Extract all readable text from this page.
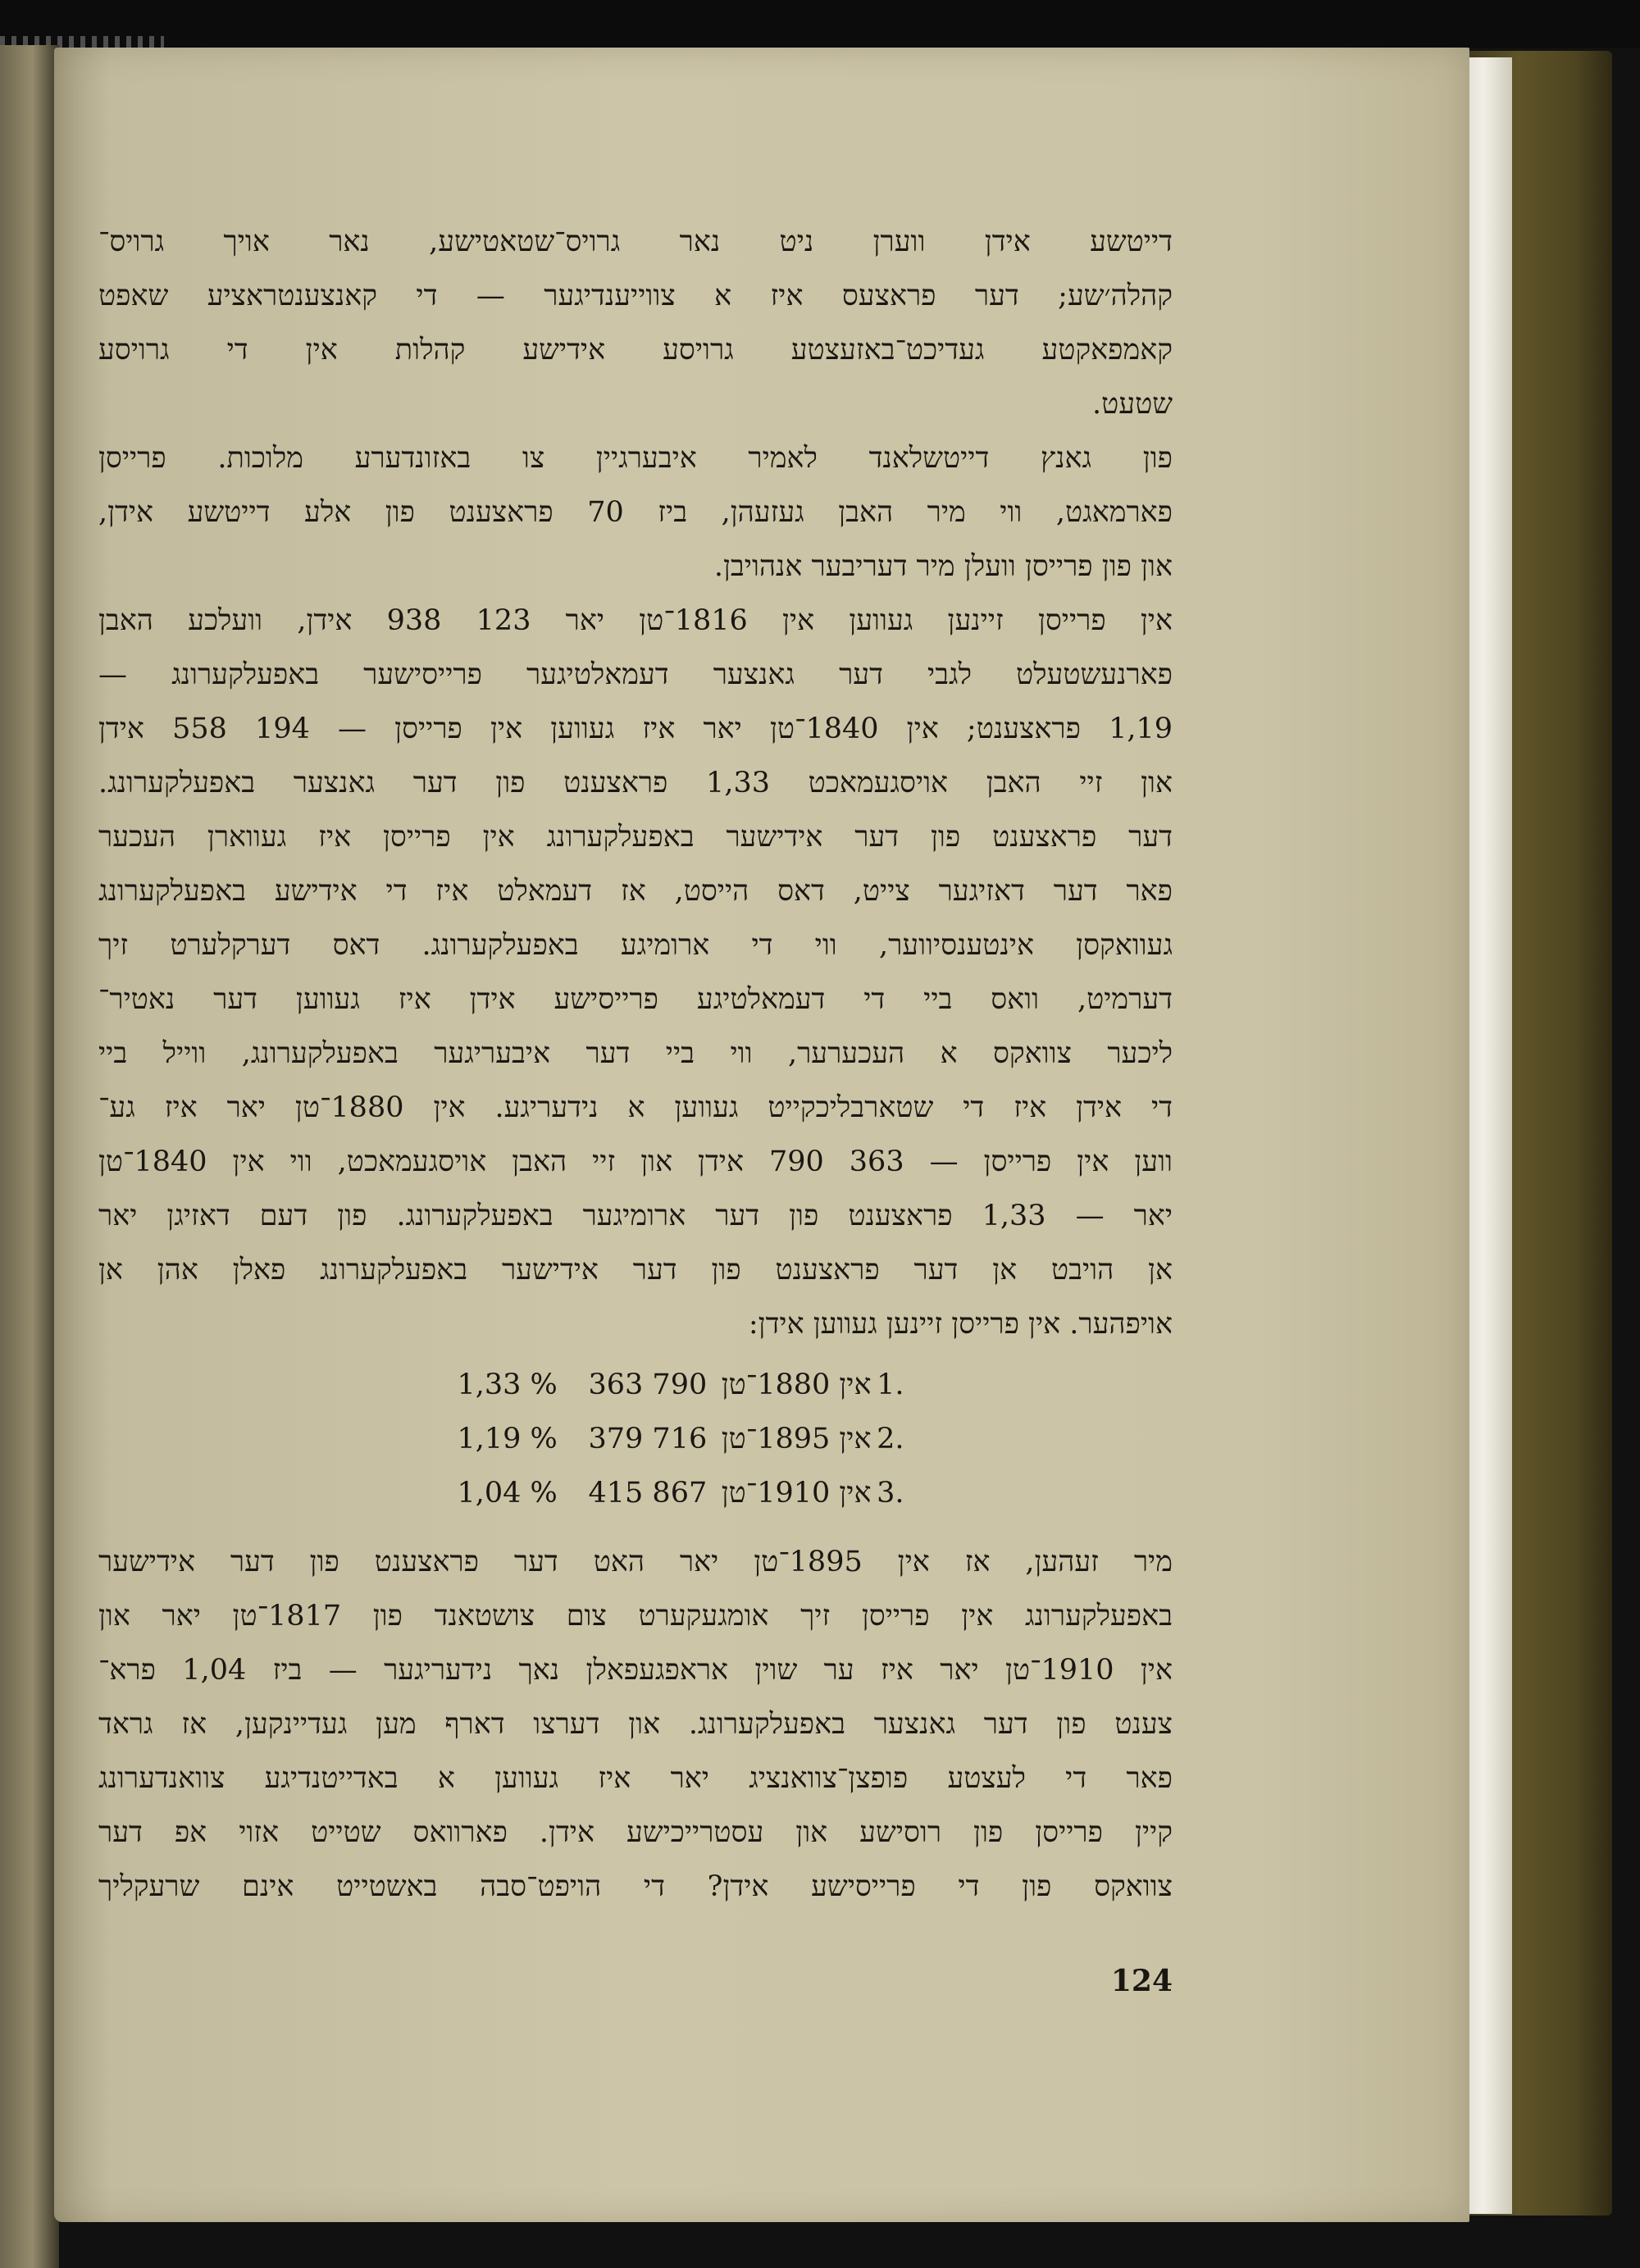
דייטשע אידן ווערן ניט נאר גרויס־שטאטישע, נאר אויך גרויס־
קהלה׳שע; דער פראצעס איז א צווייענדיגער — די קאנצענטראציע שאפט
קאמפאקטע געדיכט־באזעצטע גרויסע אידישע קהלות אין די גרויסע
שטעט.
פון גאנץ דייטשלאנד לאמיר איבערגיין צו באזונדערע מלוכות. פרייסן
פארמאגט, ווי מיר האבן געזעהן, ביז 70 פראצענט פון אלע דייטשע אידן,
און פון פרייסן וועלן מיר דעריבער אנהויבן.
אין פרייסן זיינען געווען אין 1816־טן יאר 123 938 אידן, וועלכע האבן
פארנעשטעלט לגבי דער גאנצער דעמאלטיגער פרייסישער באפעלקערונג —
1,19 פראצענט; אין 1840־טן יאר איז געווען אין פרייסן — 194 558 אידן
און זיי האבן אויסגעמאכט 1,33 פראצענט פון דער גאנצער באפעלקערונג.
דער פראצענט פון דער אידישער באפעלקערונג אין פרייסן איז געווארן העכער
פאר דער דאזיגער צייט, דאס הייסט, אז דעמאלט איז די אידישע באפעלקערונג
געוואקסן אינטענסיווער, ווי די ארומיגע באפעלקערונג. דאס דערקלערט זיך
דערמיט, וואס ביי די דעמאלטיגע פרייסישע אידן איז געווען דער נאטיר־
ליכער צוואקס א העכערער, ווי ביי דער איבעריגער באפעלקערונג, ווייל ביי
די אידן איז די שטארבליכקייט געווען א נידעריגע. אין 1880־טן יאר איז גע־
ווען אין פרייסן — 363 790 אידן און זיי האבן אויסגעמאכט, ווי אין 1840־טן
יאר — 1,33 פראצענט פון דער ארומיגער באפעלקערונג. פון דעם דאזיגן יאר
אן הויבט אן דער פראצענט פון דער אידישער באפעלקערונג פאלן אהן אן
אויפהער. אין פרייסן זיינען געווען אידן:
.1
אין 1880־טן
363 790
1,33 %
.2
אין 1895־טן
379 716
1,19 %
.3
אין 1910־טן
415 867
1,04 %
מיר זעהען, אז אין 1895־טן יאר האט דער פראצענט פון דער אידישער
באפעלקערונג אין פרייסן זיך אומגעקערט צום צושטאנד פון 1817־טן יאר און
אין 1910־טן יאר איז ער שוין אראפגעפאלן נאך נידעריגער — ביז 1,04 פרא־
צענט פון דער גאנצער באפעלקערונג. און דערצו דארף מען געדיינקען, אז גראד
פאר די לעצטע פופצן־צוואנציג יאר איז געווען א באדייטנדיגע צוואנדערונג
קיין פרייסן פון רוסישע און עסטרייכישע אידן. פארוואס שטייט אזוי אפ דער
צוואקס פון די פרייסישע אידן? די הויפט־סבה באשטייט אינם שרעקליך
124
